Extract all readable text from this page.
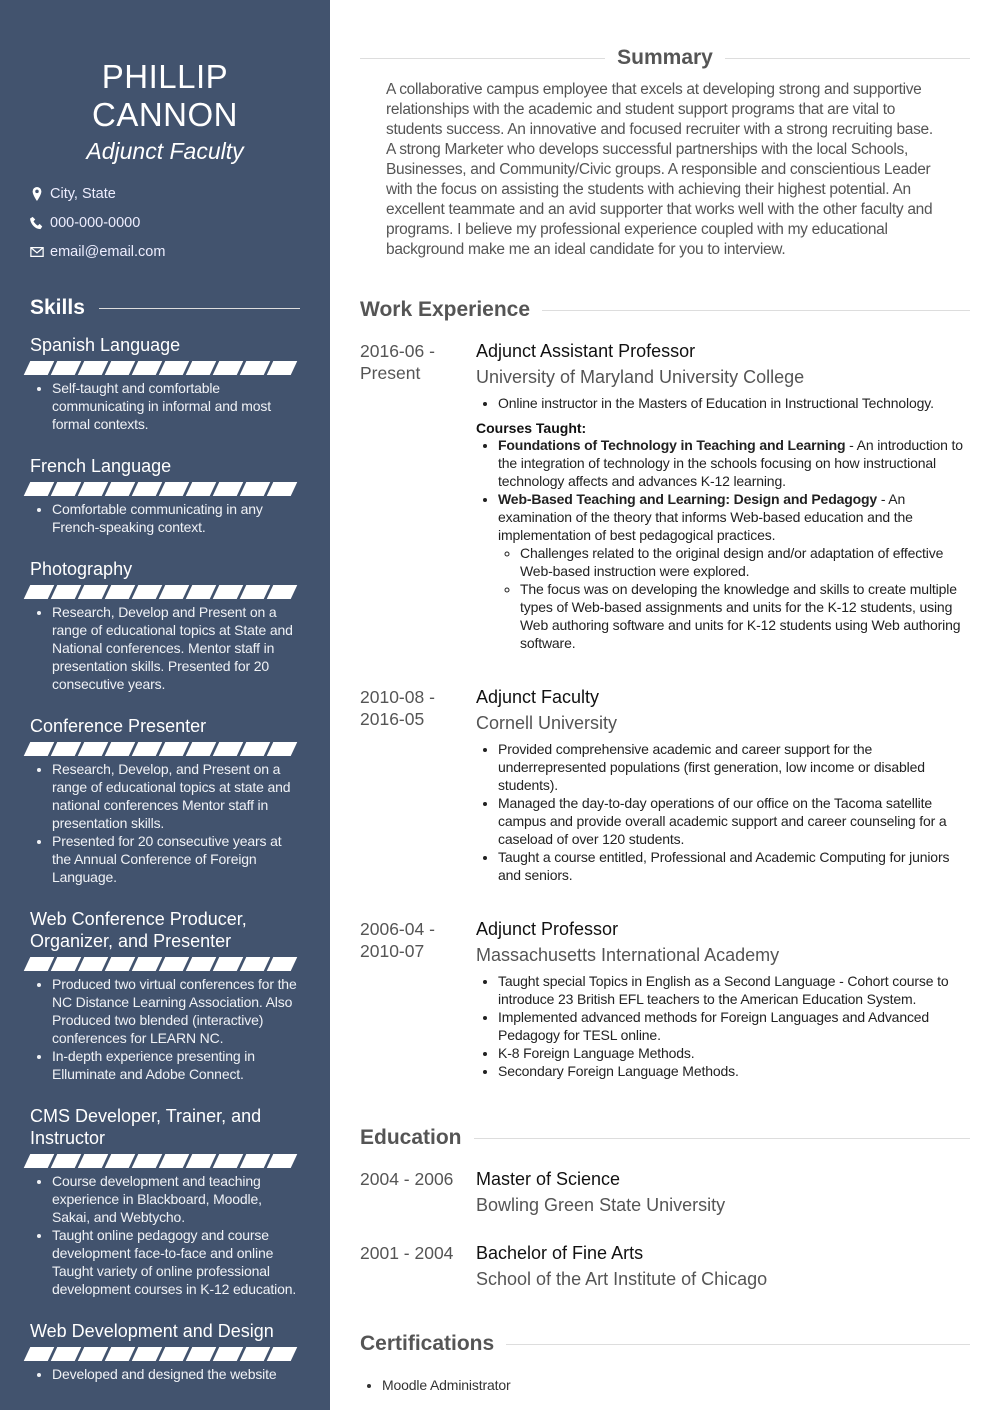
PHILLIP CANNON
Adjunct Faculty
City, State
000-000-0000
email@email.com
Skills
Spanish Language
• Self-taught and comfortable communicating in informal and most formal contexts.
French Language
• Comfortable communicating in any French-speaking context.
Photography
• Research, Develop and Present on a range of educational topics at State and National conferences. Mentor staff in presentation skills. Presented for 20 consecutive years.
Conference Presenter
• Research, Develop, and Present on a range of educational topics at state and national conferences Mentor staff in presentation skills.
• Presented for 20 consecutive years at the Annual Conference of Foreign Language.
Web Conference Producer, Organizer, and Presenter
• Produced two virtual conferences for the NC Distance Learning Association. Also Produced two blended (interactive) conferences for LEARN NC.
• In-depth experience presenting in Elluminate and Adobe Connect.
CMS Developer, Trainer, and Instructor
• Course development and teaching experience in Blackboard, Moodle, Sakai, and Webtycho.
• Taught online pedagogy and course development face-to-face and online Taught variety of online professional development courses in K-12 education.
Web Development and Design
• Developed and designed the website
Summary
A collaborative campus employee that excels at developing strong and supportive relationships with the academic and student support programs that are vital to students success. An innovative and focused recruiter with a strong recruiting base. A strong Marketer who develops successful partnerships with the local Schools, Businesses, and Community/Civic groups. A responsible and conscientious Leader with the focus on assisting the students with achieving their highest potential. An excellent teammate and an avid supporter that works well with the other faculty and programs. I believe my professional experience coupled with my educational background make me an ideal candidate for you to interview.
Work Experience
2016-06 - Present
Adjunct Assistant Professor
University of Maryland University College
• Online instructor in the Masters of Education in Instructional Technology.
Courses Taught:
• Foundations of Technology in Teaching and Learning - An introduction to the integration of technology in the schools focusing on how instructional technology affects and advances K-12 learning.
• Web-Based Teaching and Learning: Design and Pedagogy - An examination of the theory that informs Web-based education and the implementation of best pedagogical practices.
◦ Challenges related to the original design and/or adaptation of effective Web-based instruction were explored.
◦ The focus was on developing the knowledge and skills to create multiple types of Web-based assignments and units for the K-12 students, using Web authoring software and units for K-12 students using Web authoring software.
2010-08 - 2016-05
Adjunct Faculty
Cornell University
• Provided comprehensive academic and career support for the underrepresented populations (first generation, low income or disabled students).
• Managed the day-to-day operations of our office on the Tacoma satellite campus and provide overall academic support and career counseling for a caseload of over 120 students.
• Taught a course entitled, Professional and Academic Computing for juniors and seniors.
2006-04 - 2010-07
Adjunct Professor
Massachusetts International Academy
• Taught special Topics in English as a Second Language - Cohort course to introduce 23 British EFL teachers to the American Education System.
• Implemented advanced methods for Foreign Languages and Advanced Pedagogy for TESL online.
• K-8 Foreign Language Methods.
• Secondary Foreign Language Methods.
Education
2004 - 2006	Master of Science
Bowling Green State University
2001 - 2004	Bachelor of Fine Arts
School of the Art Institute of Chicago
Certifications
• Moodle Administrator
